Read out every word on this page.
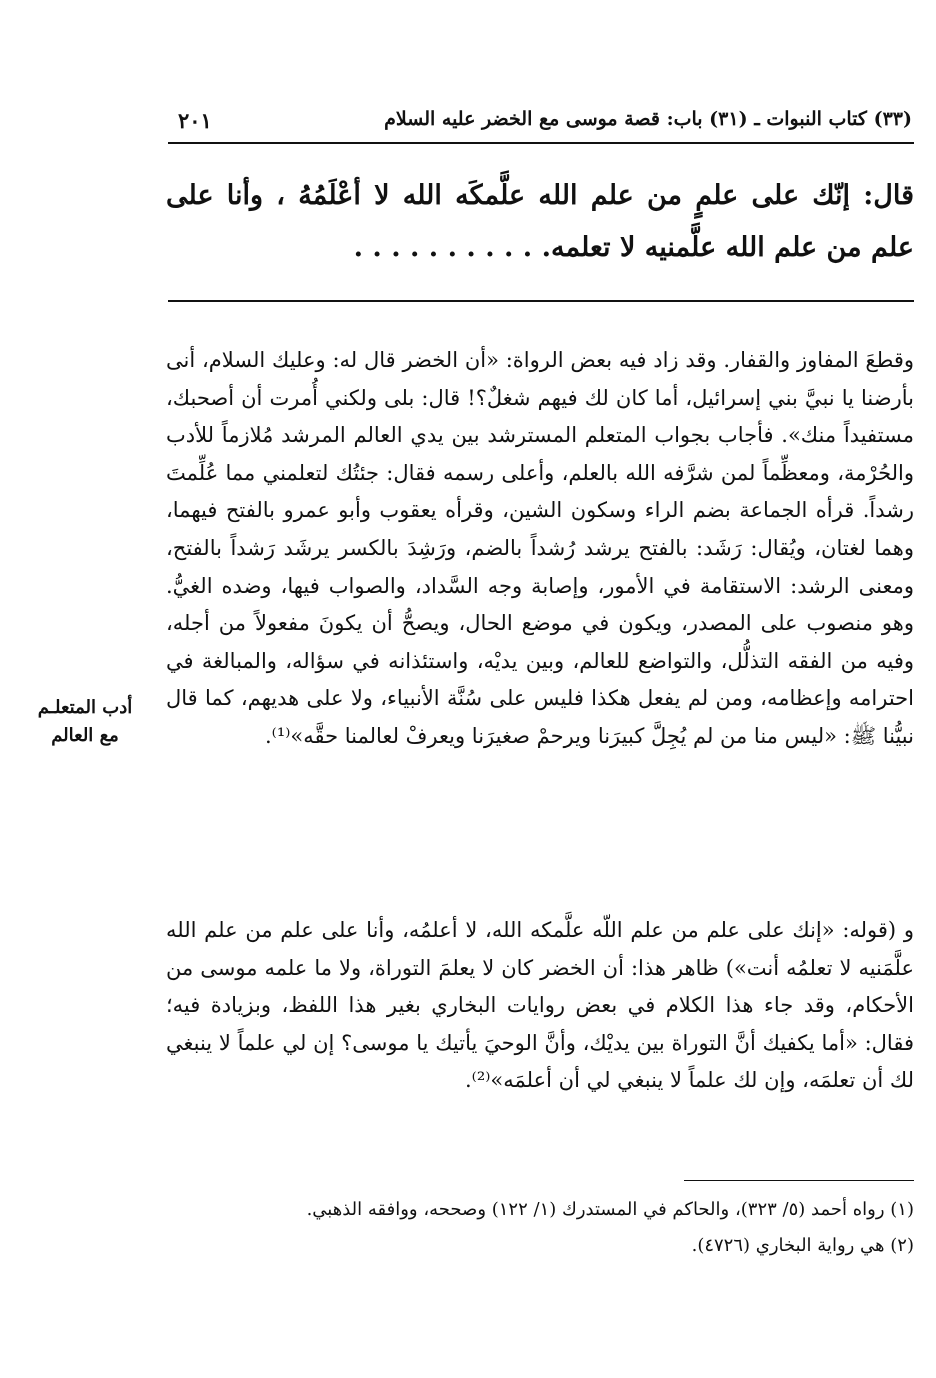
(٣٣) كتاب النبوات ـ (٣١) باب: قصة موسى مع الخضر عليه السلام
٢٠١
قال: إنّك على علمٍ من علم الله علَّمكَه الله لا أعْلَمُهُ ، وأنا على علم من علم الله علَّمنيه لا تعلمه. . . . . . . . . . .
وقطعَ المفاوز والقفار. وقد زاد فيه بعض الرواة: «أن الخضر قال له: وعليك السلام، أنى بأرضنا يا نبيَّ بني إسرائيل، أما كان لك فيهم شغلٌ؟! قال: بلى ولكني أُمرت أن أصحبك، مستفيداً منك». فأجاب بجواب المتعلم المسترشد بين يدي العالم المرشد مُلازماً للأدب والحُرْمة، ومعظِّماً لمن شرَّفه الله بالعلم، وأعلى رسمه فقال: جئتُك لتعلمني مما عُلِّمتَ رشداً. قرأه الجماعة بضم الراء وسكون الشين، وقرأه يعقوب وأبو عمرو بالفتح فيهما، وهما لغتان، ويُقال: رَشَد: بالفتح يرشد رُشداً بالضم، ورَشِدَ بالكسر يرشَد رَشداً بالفتح، ومعنى الرشد: الاستقامة في الأمور، وإصابة وجه السَّداد، والصواب فيها، وضده الغيُّ. وهو منصوب على المصدر، ويكون في موضع الحال، ويصحُّ أن يكونَ مفعولاً من أجله، وفيه من الفقه التذلُّل، والتواضع للعالم، وبين يديْه، واستئذانه في سؤاله، والمبالغة في احترامه وإعظامه، ومن لم يفعل هكذا فليس على سُنَّة الأنبياء، ولا على هديهم، كما قال نبيُّنا ﷺ: «ليس منا من لم يُجِلَّ كبيرَنا ويرحمْ صغيرَنا ويعرفْ لعالمنا حقَّه»⁽¹⁾.
أدب المتعلـم
مع العالم
و (قوله: «إنك على علم من علم اللّه علَّمكه الله، لا أعلمُه، وأنا على علم من علم الله علَّمَنيه لا تعلمُه أنت») ظاهر هذا: أن الخضر كان لا يعلمَ التوراة، ولا ما علمه موسى من الأحكام، وقد جاء هذا الكلام في بعض روايات البخاري بغير هذا اللفظ، وبزيادة فيه؛ فقال: «أما يكفيك أنَّ التوراة بين يديْك، وأنَّ الوحيَ يأتيك يا موسى؟ إن لي علماً لا ينبغي لك أن تعلمَه، وإن لك علماً لا ينبغي لي أن أعلمَه»⁽²⁾.
(١) رواه أحمد (٥/ ٣٢٣)، والحاكم في المستدرك (١/ ١٢٢) وصححه، ووافقه الذهبي.
(٢) هي رواية البخاري (٤٧٢٦).
